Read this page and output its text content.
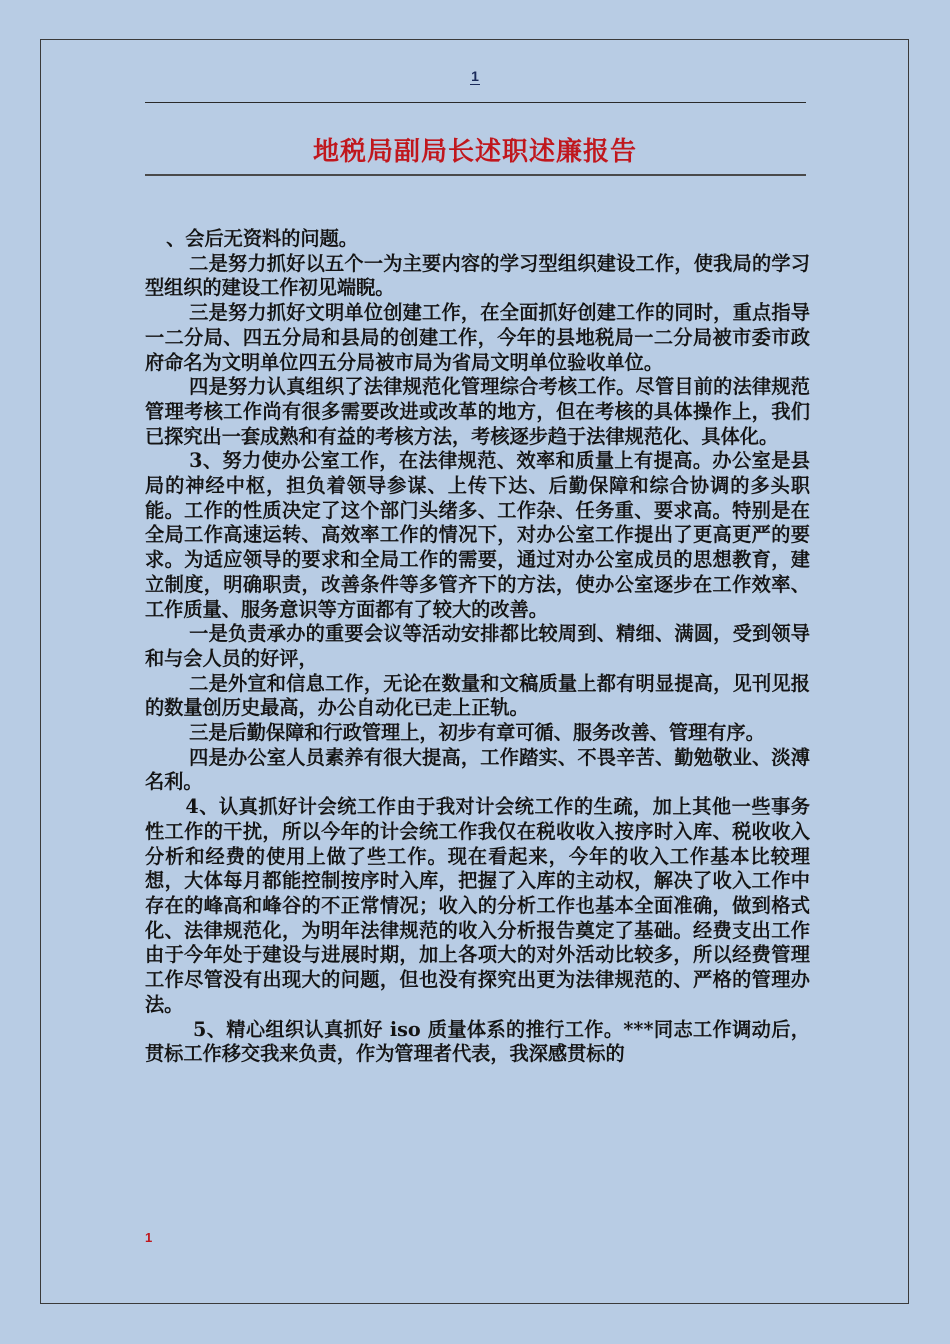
1
地税局副局长述职述廉报告

、会后无资料的问题。

二是努力抓好以五个一为主要内容的学习型组织建设工作，使我局的学习型组织的建设工作初见端睨。

三是努力抓好文明单位创建工作，在全面抓好创建工作的同时，重点指导一二分局、四五分局和县局的创建工作，今年的县地税局一二分局被市委市政府命名为文明单位四五分局被市局为省局文明单位验收单位。

四是努力认真组织了法律规范化管理综合考核工作。尽管目前的法律规范管理考核工作尚有很多需要改进或改革的地方，但在考核的具体操作上，我们已探究出一套成熟和有益的考核方法，考核逐步趋于法律规范化、具体化。

3、努力使办公室工作，在法律规范、效率和质量上有提高。办公室是县局的神经中枢，担负着领导参谋、上传下达、后勤保障和综合协调的多头职能。工作的性质决定了这个部门头绪多、工作杂、任务重、要求高。特别是在全局工作高速运转、高效率工作的情况下，对办公室工作提出了更高更严的要求。为适应领导的要求和全局工作的需要，通过对办公室成员的思想教育，建立制度，明确职责，改善条件等多管齐下的方法，使办公室逐步在工作效率、工作质量、服务意识等方面都有了较大的改善。

一是负责承办的重要会议等活动安排都比较周到、精细、满圆，受到领导和与会人员的好评，

二是外宣和信息工作，无论在数量和文稿质量上都有明显提高，见刊见报的数量创历史最高，办公自动化已走上正轨。

三是后勤保障和行政管理上，初步有章可循、服务改善、管理有序。

四是办公室人员素养有很大提高，工作踏实、不畏辛苦、勤勉敬业、淡溥名利。

4、认真抓好计会统工作由于我对计会统工作的生疏，加上其他一些事务性工作的干扰，所以今年的计会统工作我仅在税收收入按序时入库、税收收入分析和经费的使用上做了些工作。现在看起来，今年的收入工作基本比较理想，大体每月都能控制按序时入库，把握了入库的主动权，解决了收入工作中存在的峰高和峰谷的不正常情况；收入的分析工作也基本全面准确，做到格式化、法律规范化，为明年法律规范的收入分析报告奠定了基础。经费支出工作由于今年处于建设与进展时期，加上各项大的对外活动比较多，所以经费管理工作尽管没有出现大的问题，但也没有探究出更为法律规范的、严格的管理办法。

5、精心组织认真抓好 iso 质量体系的推行工作。***同志工作调动后，贯标工作移交我来负责，作为管理者代表，我深感贯标的

1
